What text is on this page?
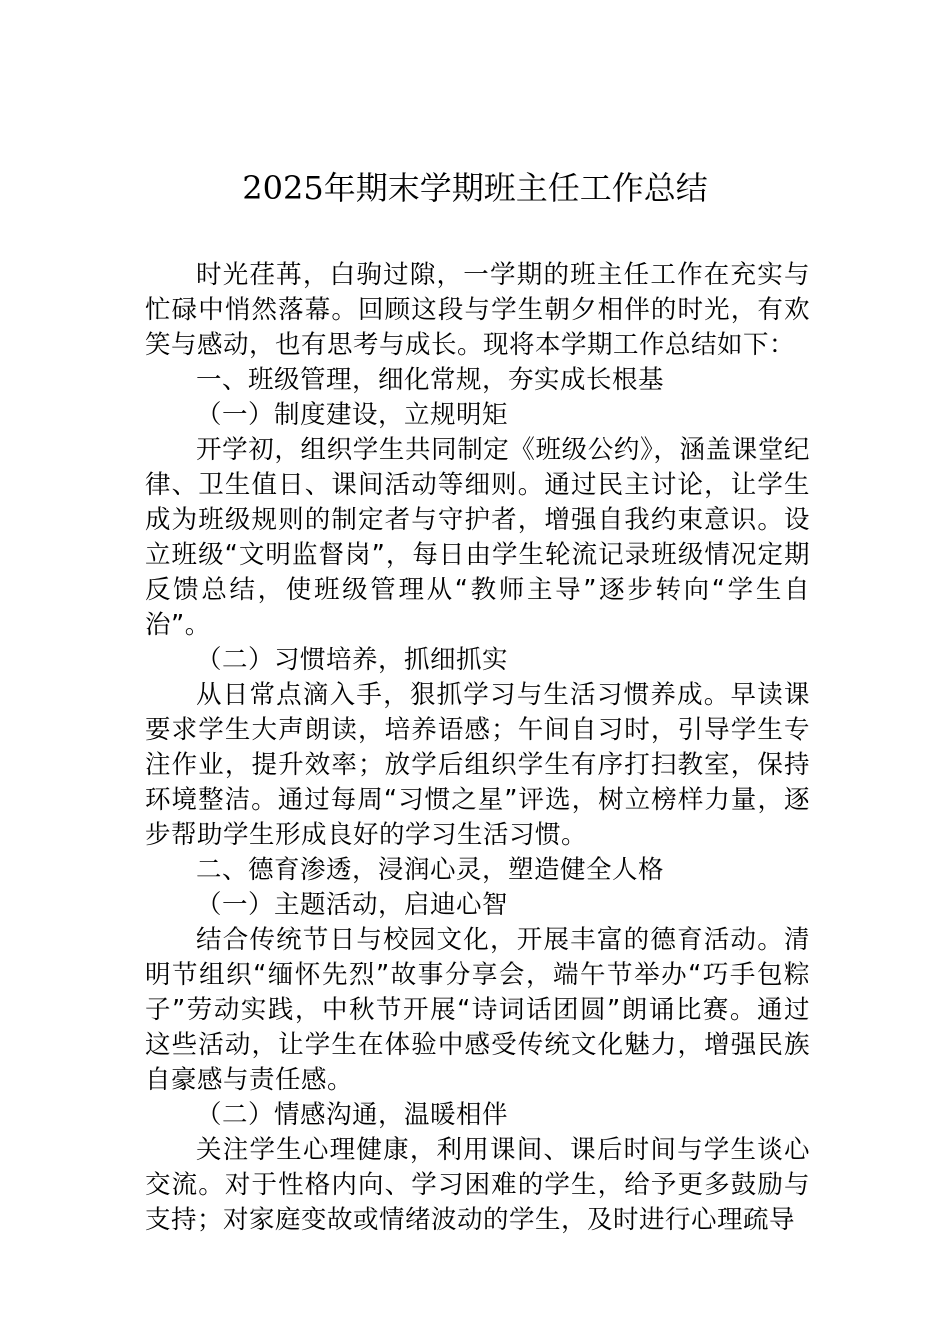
2025年期末学期班主任工作总结

时光荏苒，白驹过隙，一学期的班主任工作在充实与忙碌中悄然落幕。回顾这段与学生朝夕相伴的时光，有欢笑与感动，也有思考与成长。现将本学期工作总结如下：

一、班级管理，细化常规，夯实成长根基

（一）制度建设，立规明矩

开学初，组织学生共同制定《班级公约》，涵盖课堂纪律、卫生值日、课间活动等细则。通过民主讨论，让学生成为班级规则的制定者与守护者，增强自我约束意识。设立班级“文明监督岗”，每日由学生轮流记录班级情况定期反馈总结，使班级管理从“教师主导”逐步转向“学生自治”。

（二）习惯培养，抓细抓实

从日常点滴入手，狠抓学习与生活习惯养成。早读课要求学生大声朗读，培养语感；午间自习时，引导学生专注作业，提升效率；放学后组织学生有序打扫教室，保持环境整洁。通过每周“习惯之星”评选，树立榜样力量，逐步帮助学生形成良好的学习生活习惯。

二、德育渗透，浸润心灵，塑造健全人格

（一）主题活动，启迪心智

结合传统节日与校园文化，开展丰富的德育活动。清明节组织“缅怀先烈”故事分享会，端午节举办“巧手包粽子”劳动实践，中秋节开展“诗词话团圆”朗诵比赛。通过这些活动，让学生在体验中感受传统文化魅力，增强民族自豪感与责任感。

（二）情感沟通，温暖相伴

关注学生心理健康，利用课间、课后时间与学生谈心交流。对于性格内向、学习困难的学生，给予更多鼓励与支持；对家庭变故或情绪波动的学生，及时进行心理疏导
